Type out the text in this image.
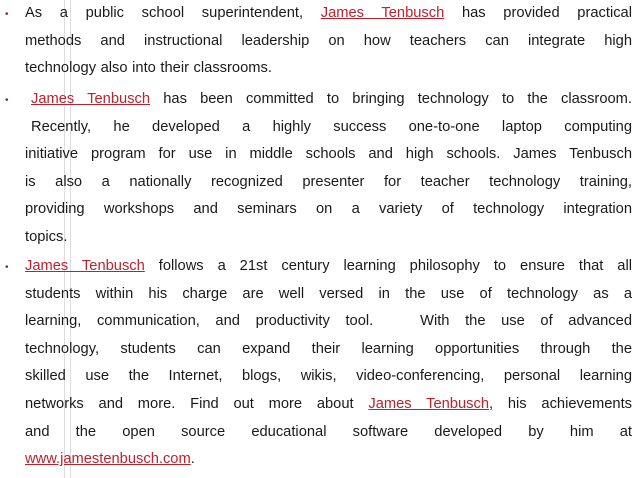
• As a public school superintendent, James Tenbusch has provided practical
methods and instructional leadership on how teachers can integrate high
technology also into their classrooms.
•	James Tenbusch has been committed to bringing technology to the classroom.
Recently, he developed a highly success one-to-one laptop computing
initiative program for use in middle schools and high schools. James Tenbusch
is also a nationally recognized presenter for teacher technology training,
providing workshops and seminars on a variety of technology integration
topics.
• James Tenbusch follows a 21st century learning philosophy to ensure that all
students within his charge are well versed in the use of technology as a
learning, communication, and productivity tool.   With the use of advanced
technology, students can expand their learning opportunities through the
skilled use the Internet, blogs, wikis, video-conferencing, personal learning
networks and more. Find out more about James Tenbusch, his achievements
and the open source educational software developed by him at
www.jamestenbusch.com.
